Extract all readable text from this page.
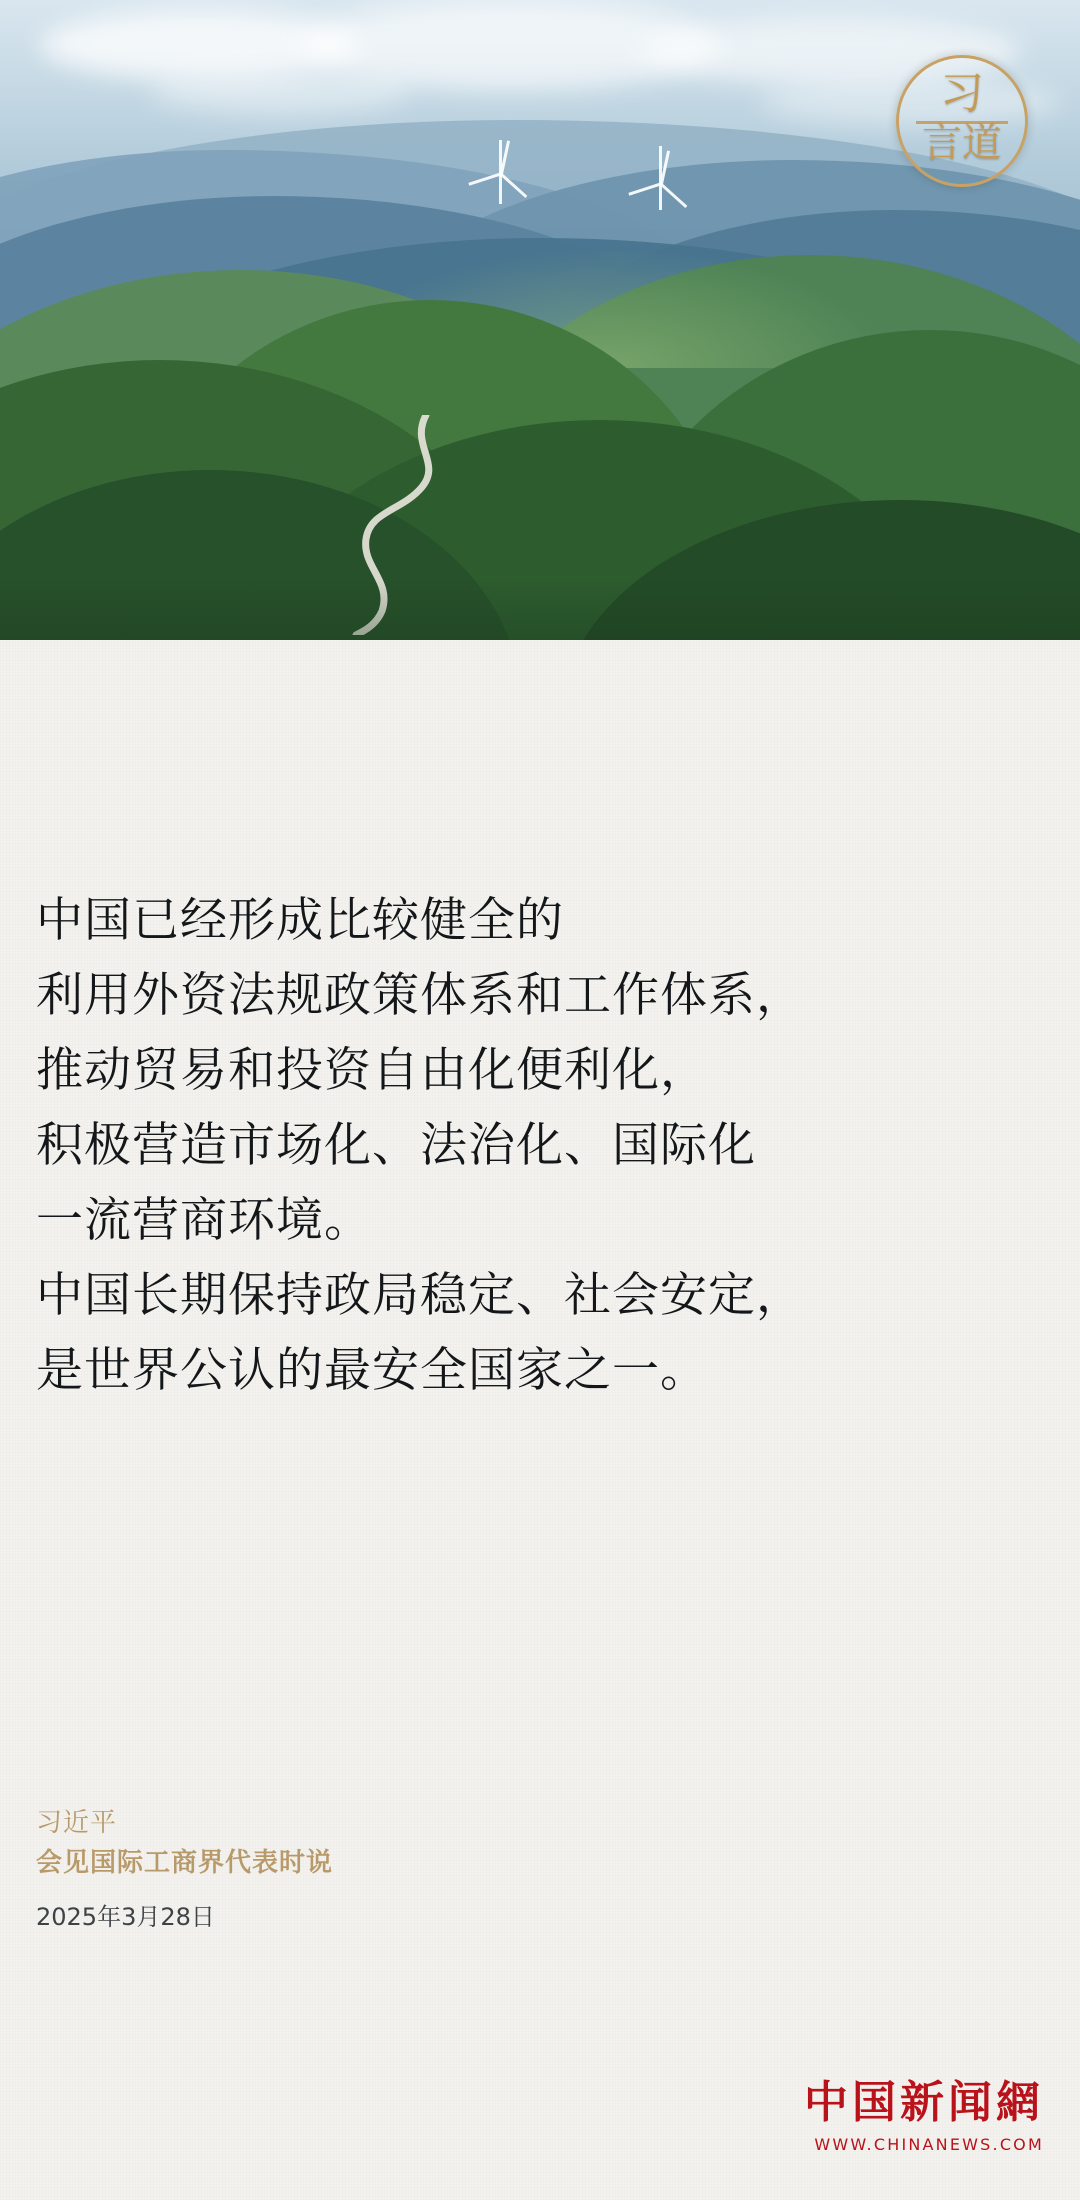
习
言道
中国已经形成比较健全的
利用外资法规政策体系和工作体系，
推动贸易和投资自由化便利化，
积极营造市场化、法治化、国际化
一流营商环境。
中国长期保持政局稳定、社会安定，
是世界公认的最安全国家之一。
习近平
会见国际工商界代表时说
2025年3月28日
中国新闻網
WWW.CHINANEWS.COM
